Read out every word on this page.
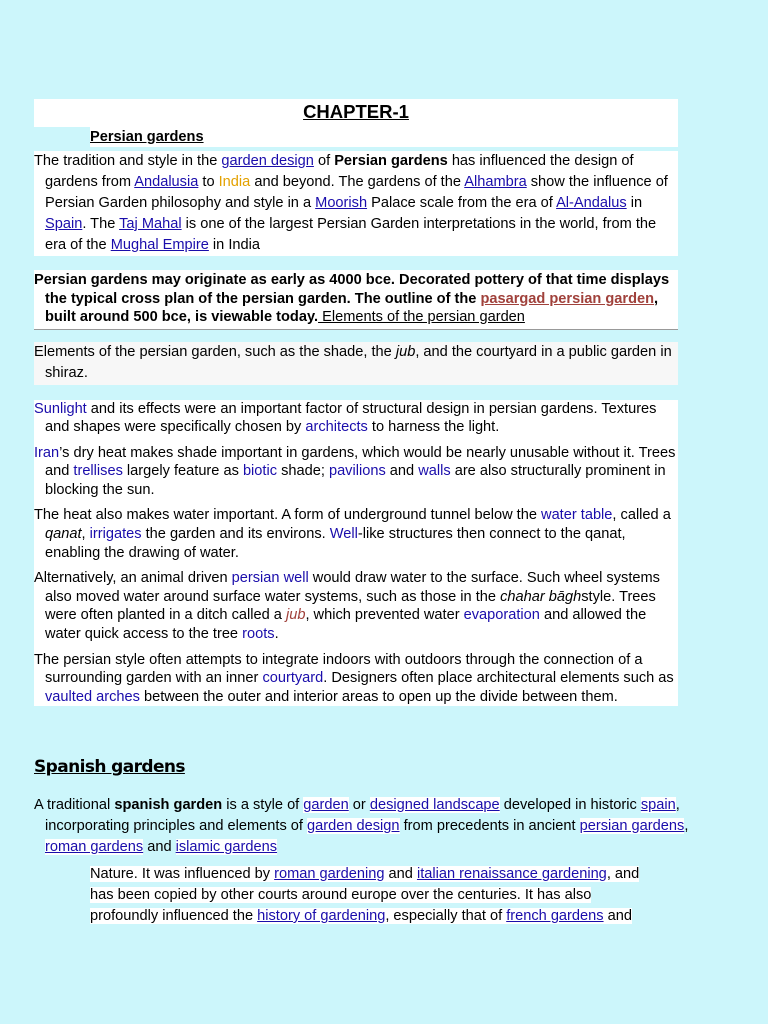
CHAPTER-1
Persian gardens

The tradition and style in the garden design of Persian gardens has influenced the design of gardens from Andalusia to India and beyond. The gardens of the Alhambra show the influence of Persian Garden philosophy and style in a Moorish Palace scale from the era of Al-Andalus in Spain. The Taj Mahal is one of the largest Persian Garden interpretations in the world, from the era of the Mughal Empire in India

Persian gardens may originate as early as 4000 bce. Decorated pottery of that time displays the typical cross plan of the persian garden. The outline of the pasargad persian garden, built around 500 bce, is viewable today. Elements of the persian garden

Elements of the persian garden, such as the shade, the jub, and the courtyard in a public garden in shiraz.

Sunlight and its effects were an important factor of structural design in persian gardens. Textures and shapes were specifically chosen by architects to harness the light.

Iran’s dry heat makes shade important in gardens, which would be nearly unusable without it. Trees and trellises largely feature as biotic shade; pavilions and walls are also structurally prominent in blocking the sun.

The heat also makes water important. A form of underground tunnel below the water table, called a qanat, irrigates the garden and its environs. Well-like structures then connect to the qanat, enabling the drawing of water.

Alternatively, an animal driven persian well would draw water to the surface. Such wheel systems also moved water around surface water systems, such as those in the chahar bāghstyle. Trees were often planted in a ditch called a jub, which prevented water evaporation and allowed the water quick access to the tree roots.

The persian style often attempts to integrate indoors with outdoors through the connection of a surrounding garden with an inner courtyard. Designers often place architectural elements such as vaulted arches between the outer and interior areas to open up the divide between them.

Spanish gardens

A traditional spanish garden is a style of garden or designed landscape developed in historic spain, incorporating principles and elements of garden design from precedents in ancient persian gardens, roman gardens and islamic gardens

Nature. It was influenced by roman gardening and italian renaissance gardening, and has been copied by other courts around europe over the centuries. It has also profoundly influenced the history of gardening, especially that of french gardens and
